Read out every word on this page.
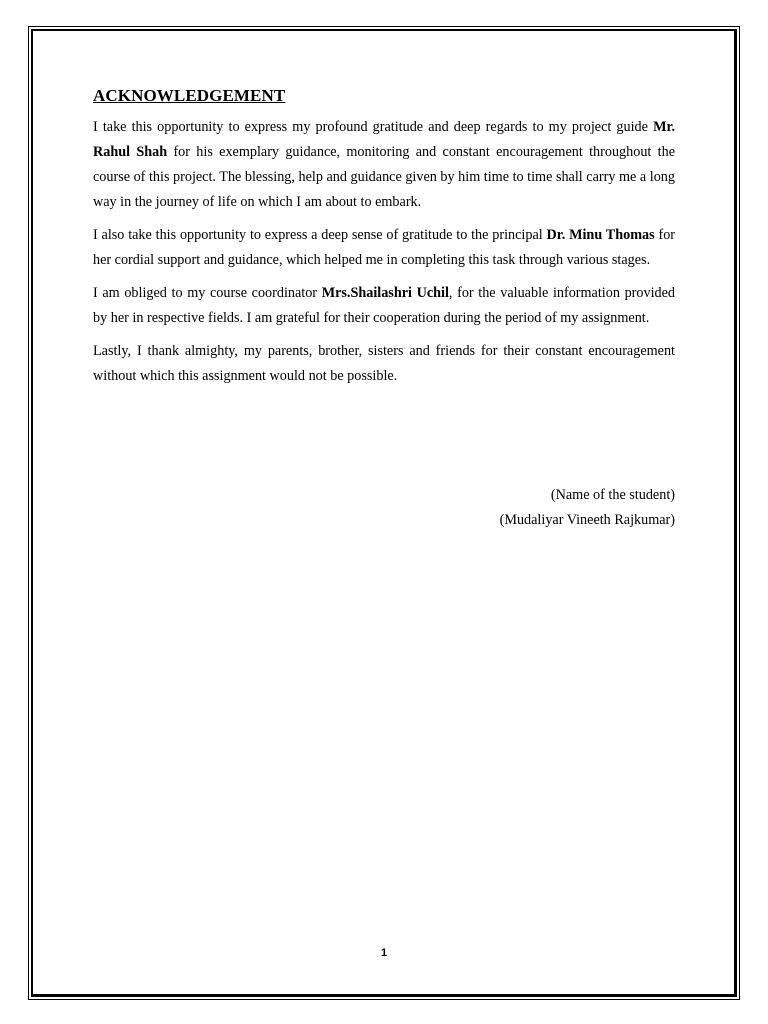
ACKNOWLEDGEMENT

I take this opportunity to express my profound gratitude and deep regards to my project guide Mr. Rahul Shah for his exemplary guidance, monitoring and constant encouragement throughout the course of this project. The blessing, help and guidance given by him time to time shall carry me a long way in the journey of life on which I am about to embark.

I also take this opportunity to express a deep sense of gratitude to the principal Dr. Minu Thomas for her cordial support and guidance, which helped me in completing this task through various stages.

I am obliged to my course coordinator Mrs.Shailashri Uchil, for the valuable information provided by her in respective fields. I am grateful for their cooperation during the period of my assignment.

Lastly, I thank almighty, my parents, brother, sisters and friends for their constant encouragement without which this assignment would not be possible.

(Name of the student)
(Mudaliyar Vineeth Rajkumar)
1
